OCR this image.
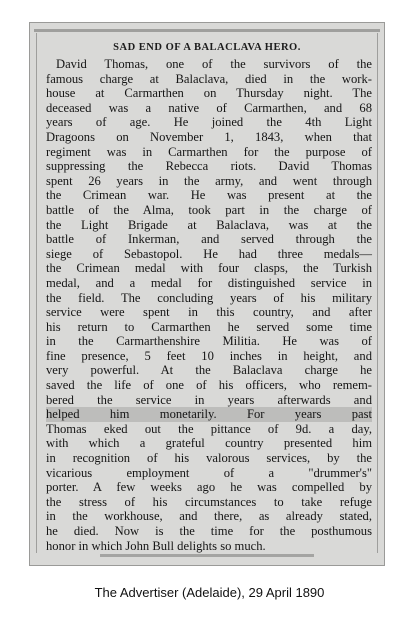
SAD END OF A BALACLAVA HERO.
David Thomas, one of the survivors of the
famous charge at Balaclava, died in the work-
house at Carmarthen on Thursday night. The
deceased was a native of Carmarthen, and 68
years of age. He joined the 4th Light
Dragoons on November 1, 1843, when that
regiment was in Carmarthen for the purpose of
suppressing the Rebecca riots. David Thomas
spent 26 years in the army, and went through
the Crimean war. He was present at the
battle of the Alma, took part in the charge of
the Light Brigade at Balaclava, was at the
battle of Inkerman, and served through the
siege of Sebastopol. He had three medals—
the Crimean medal with four clasps, the Turkish
medal, and a medal for distinguished service in
the field. The concluding years of his military
service were spent in this country, and after
his return to Carmarthen he served some time
in the Carmarthenshire Militia. He was of
fine presence, 5 feet 10 inches in height, and
very powerful. At the Balaclava charge he
saved the life of one of his officers, who remem-
bered the service in years afterwards and
helped him monetarily. For years past
Thomas eked out the pittance of 9d. a day,
with which a grateful country presented him
in recognition of his valorous services, by the
vicarious employment of a "drummer's"
porter. A few weeks ago he was compelled by
the stress of his circumstances to take refuge
in the workhouse, and there, as already stated,
he died. Now is the time for the posthumous
honor in which John Bull delights so much.
The Advertiser (Adelaide), 29 April 1890
